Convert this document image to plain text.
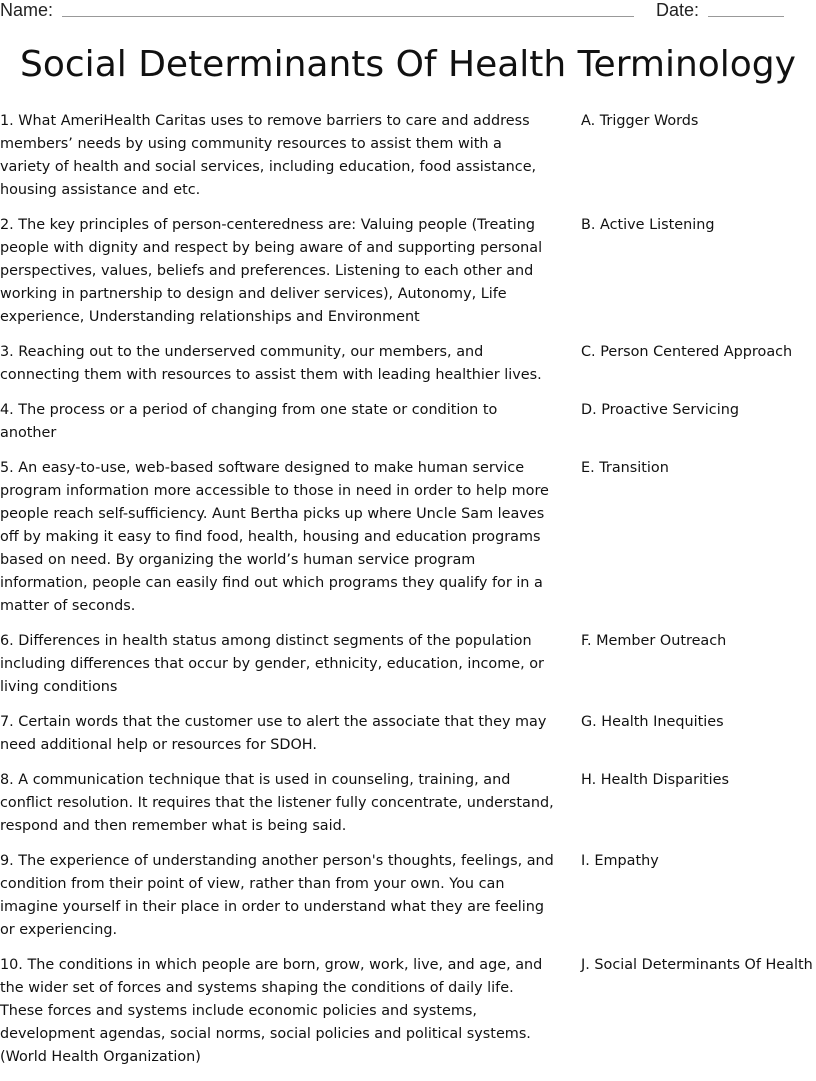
Name:	Date:
Social Determinants Of Health Terminology

1. What AmeriHealth Caritas uses to remove barriers to care and address members’ needs by using community resources to assist them with a variety of health and social services, including education, food assistance, housing assistance and etc.

A. Trigger Words

2. The key principles of person-centeredness are: Valuing people (Treating people with dignity and respect by being aware of and supporting personal perspectives, values, beliefs and preferences. Listening to each other and working in partnership to design and deliver services), Autonomy, Life experience, Understanding relationships and Environment

B. Active Listening

3. Reaching out to the underserved community, our members, and connecting them with resources to assist them with leading healthier lives.

C. Person Centered Approach

4. The process or a period of changing from one state or condition to another

D. Proactive Servicing

5. An easy-to-use, web-based software designed to make human service program information more accessible to those in need in order to help more people reach self-sufficiency. Aunt Bertha picks up where Uncle Sam leaves off by making it easy to find food, health, housing and education programs based on need. By organizing the world’s human service program information, people can easily find out which programs they qualify for in a matter of seconds.

E. Transition

6. Differences in health status among distinct segments of the population including differences that occur by gender, ethnicity, education, income, or living conditions

F. Member Outreach

7. Certain words that the customer use to alert the associate that they may need additional help or resources for SDOH.

G. Health Inequities

8. A communication technique that is used in counseling, training, and conflict resolution. It requires that the listener fully concentrate, understand, respond and then remember what is being said.

H. Health Disparities

9. The experience of understanding another person's thoughts, feelings, and condition from their point of view, rather than from your own. You can imagine yourself in their place in order to understand what they are feeling or experiencing.

I. Empathy

10. The conditions in which people are born, grow, work, live, and age, and the wider set of forces and systems shaping the conditions of daily life. These forces and systems include economic policies and systems, development agendas, social norms, social policies and political systems. (World Health Organization)

J. Social Determinants Of Health
